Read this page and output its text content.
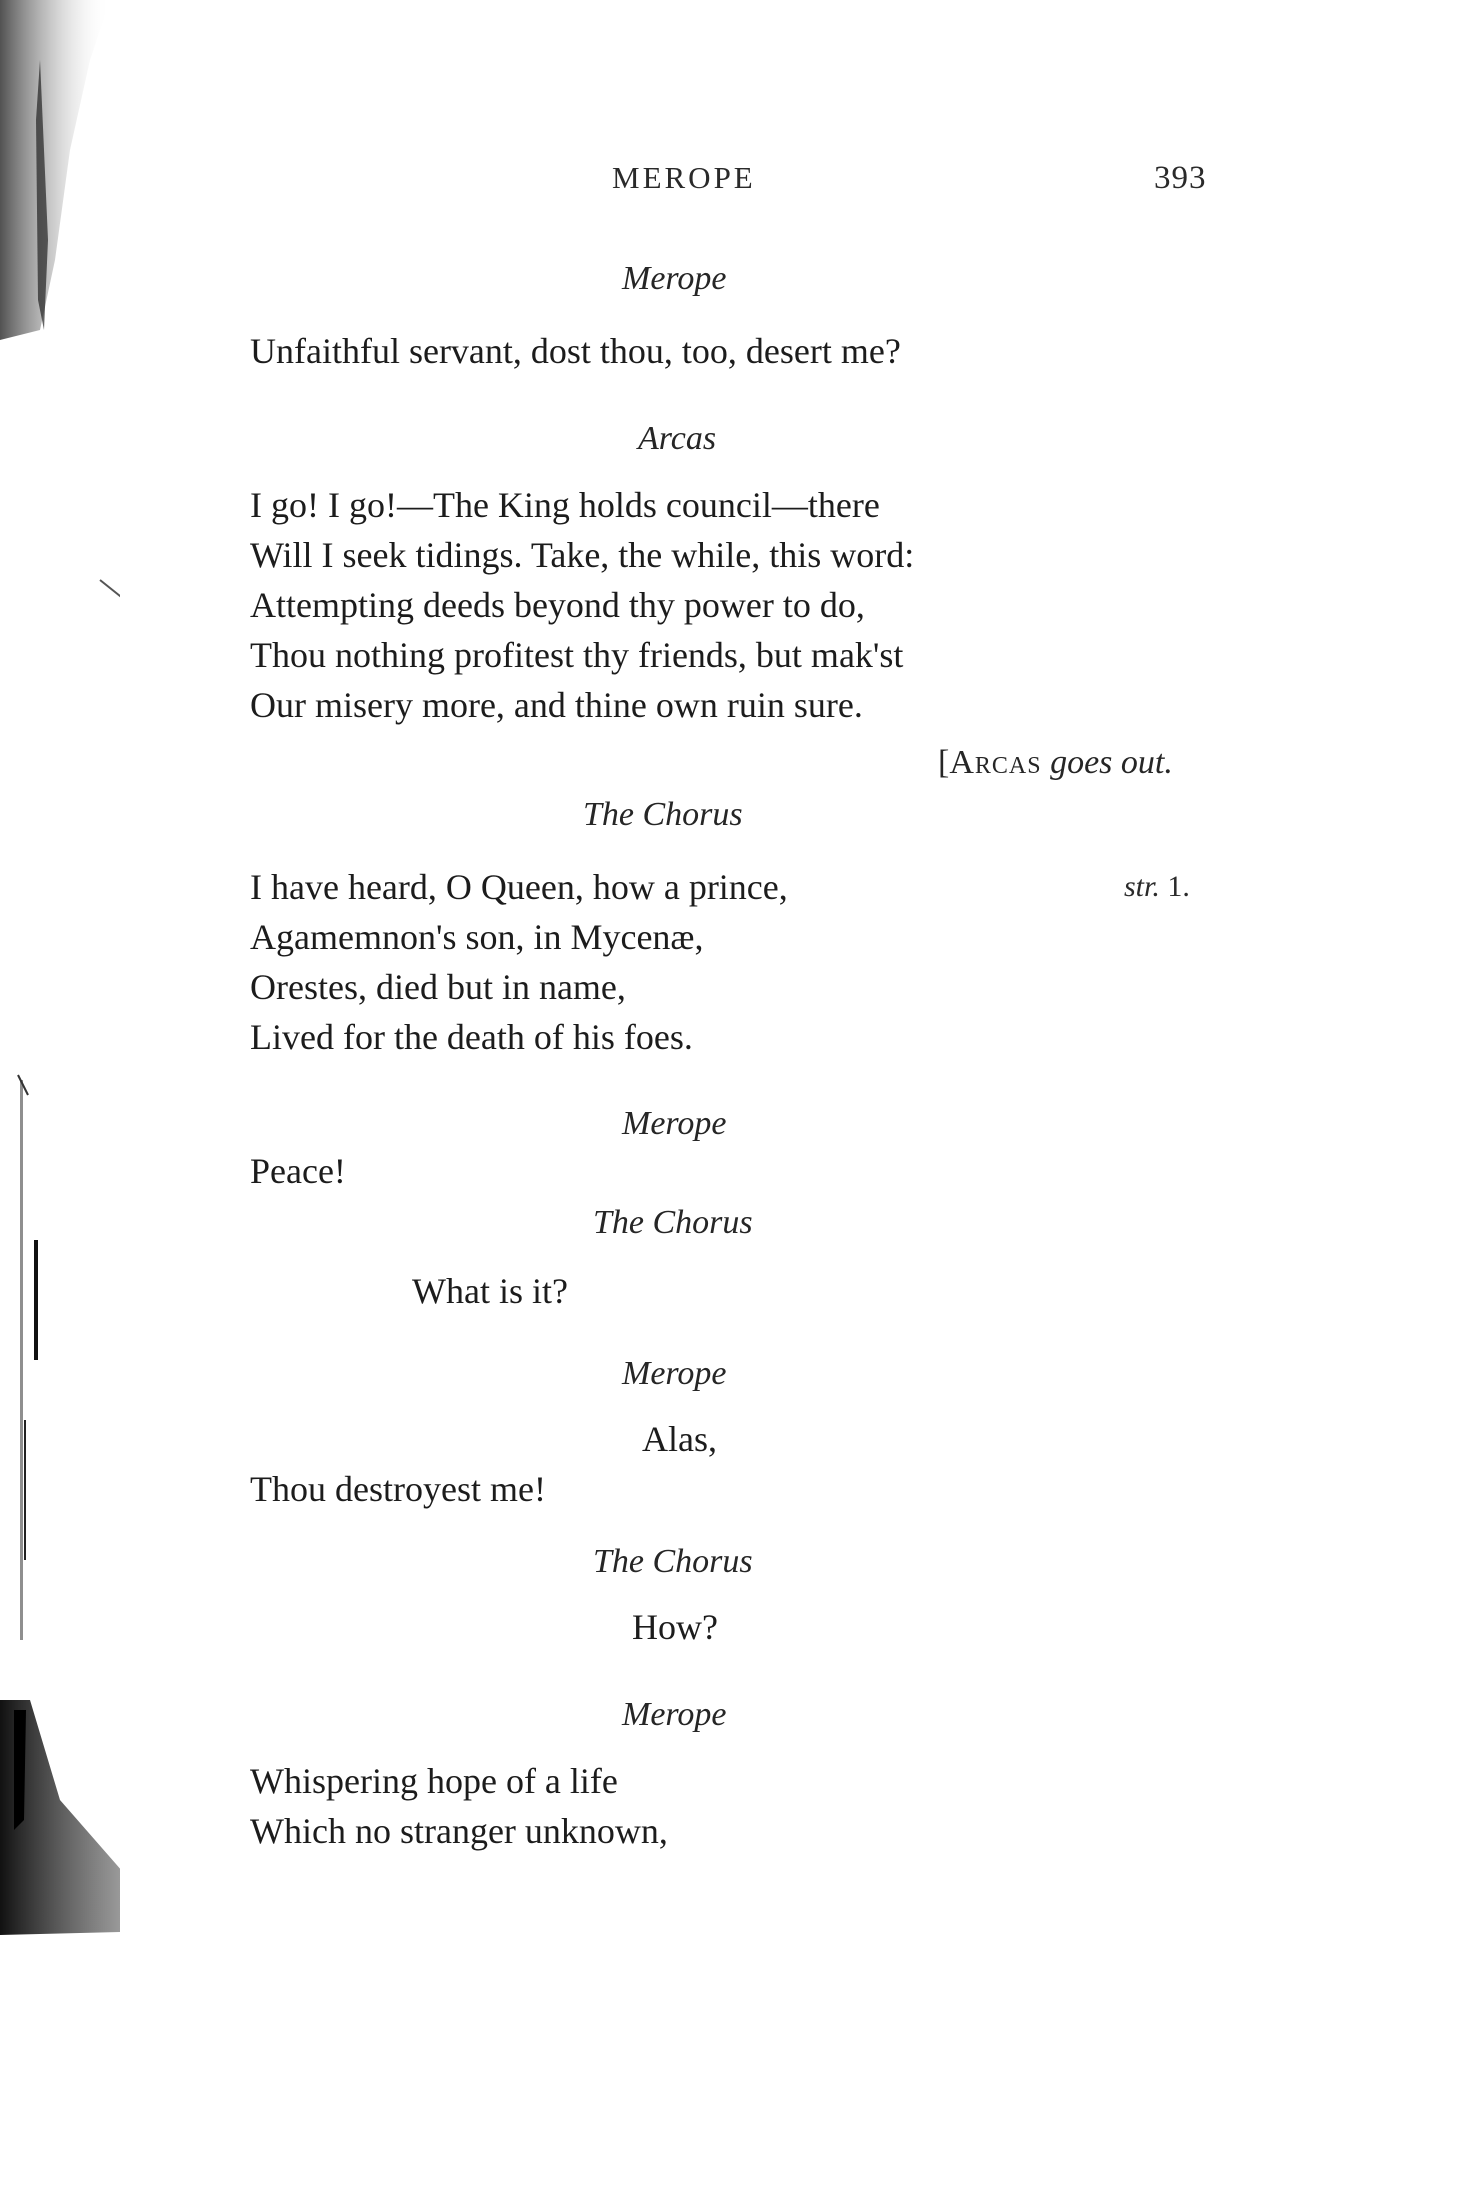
MEROPE	393
Merope
Unfaithful servant, dost thou, too, desert me?
Arcas
I go! I go!—The King holds council—there
Will I seek tidings. Take, the while, this word:
Attempting deeds beyond thy power to do,
Thou nothing profitest thy friends, but mak'st
Our misery more, and thine own ruin sure.
[Arcas goes out.
The Chorus
I have heard, O Queen, how a prince,	str. 1.
Agamemnon's son, in Mycenæ,
Orestes, died but in name,
Lived for the death of his foes.
Merope
Peace!
The Chorus
What is it?
Merope
Alas,
Thou destroyest me!
The Chorus
How?
Merope
Whispering hope of a life
Which no stranger unknown,
